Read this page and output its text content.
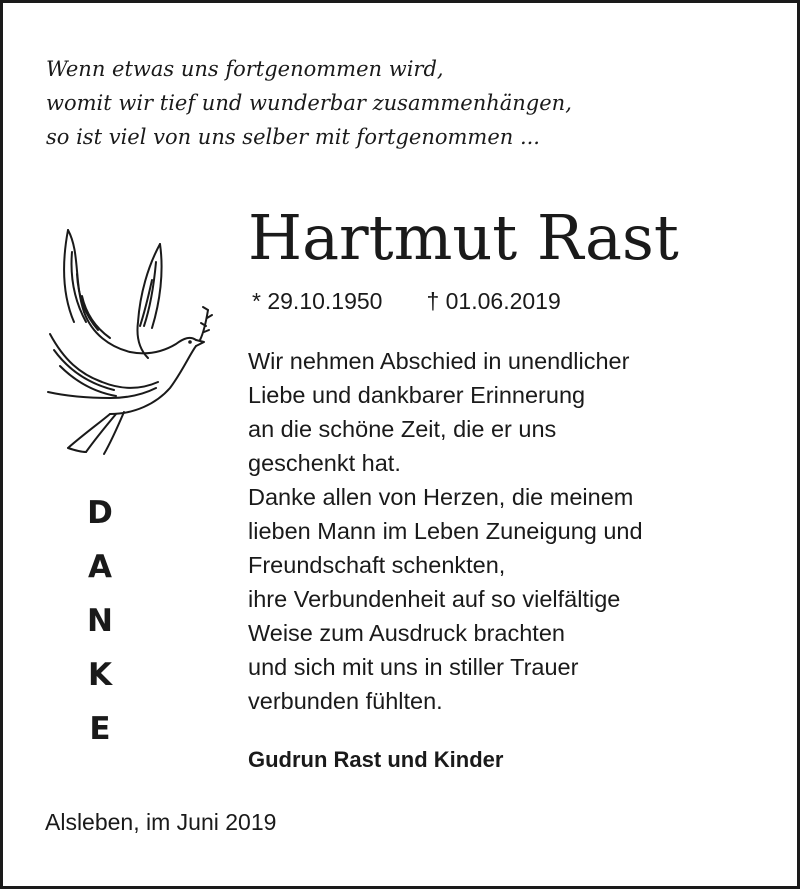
Wenn etwas uns fortgenommen wird,
womit wir tief und wunderbar zusammenhängen,
so ist viel von uns selber mit fortgenommen ...
D
A
N
K
E
Hartmut Rast
* 29.10.1950 † 01.06.2019
Wir nehmen Abschied in unendlicher
Liebe und dankbarer Erinnerung
an die schöne Zeit, die er uns
geschenkt hat.
Danke allen von Herzen, die meinem
lieben Mann im Leben Zuneigung und
Freundschaft schenkten,
ihre Verbundenheit auf so vielfältige
Weise zum Ausdruck brachten
und sich mit uns in stiller Trauer
verbunden fühlten.
Gudrun Rast und Kinder
Alsleben, im Juni 2019
